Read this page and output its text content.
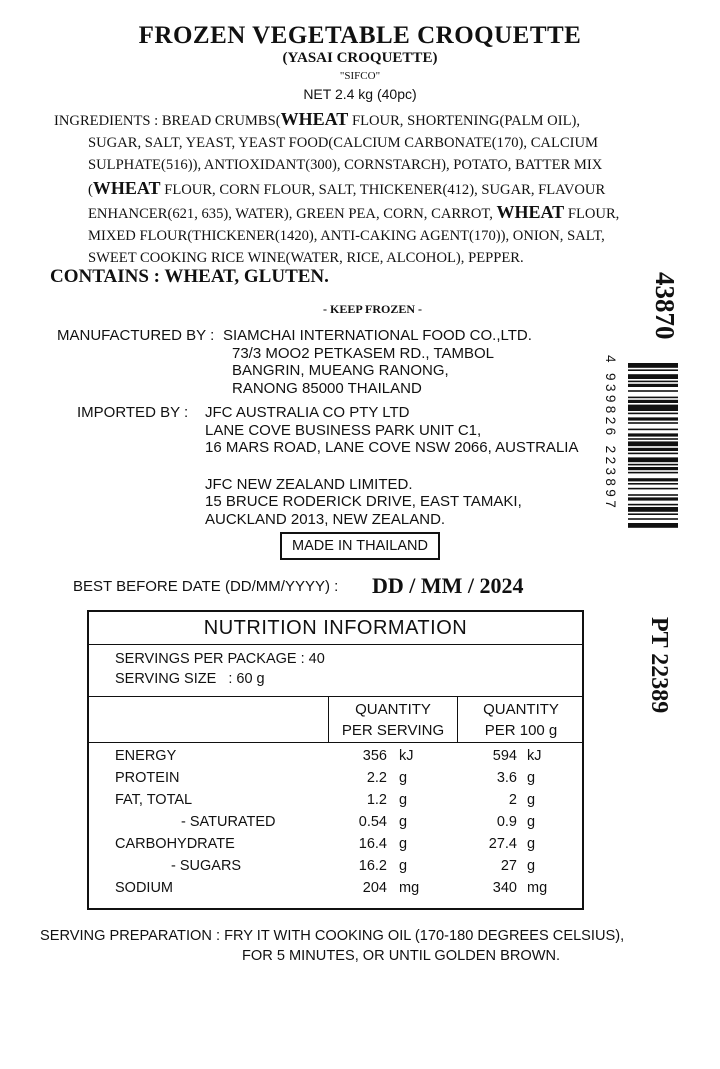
FROZEN VEGETABLE CROQUETTE
(YASAI CROQUETTE)
"SIFCO"
NET 2.4 kg (40pc)
INGREDIENTS : BREAD CRUMBS(WHEAT FLOUR, SHORTENING(PALM OIL),
SUGAR, SALT, YEAST, YEAST FOOD(CALCIUM CARBONATE(170), CALCIUM
SULPHATE(516)), ANTIOXIDANT(300), CORNSTARCH), POTATO, BATTER MIX
(WHEAT FLOUR, CORN FLOUR, SALT, THICKENER(412), SUGAR, FLAVOUR
ENHANCER(621, 635), WATER), GREEN PEA, CORN, CARROT, WHEAT FLOUR,
MIXED FLOUR(THICKENER(1420), ANTI-CAKING AGENT(170)), ONION, SALT,
SWEET COOKING RICE WINE(WATER, RICE, ALCOHOL), PEPPER.
CONTAINS : WHEAT, GLUTEN.
- KEEP FROZEN -
MANUFACTURED BY : SIAMCHAI INTERNATIONAL FOOD CO.,LTD.
73/3 MOO2 PETKASEM RD., TAMBOL
BANGRIN, MUEANG RANONG,
RANONG 85000 THAILAND
IMPORTED BY : JFC AUSTRALIA CO PTY LTD
LANE COVE BUSINESS PARK UNIT C1,
16 MARS ROAD, LANE COVE NSW 2066, AUSTRALIA
JFC NEW ZEALAND LIMITED.
15 BRUCE RODERICK DRIVE, EAST TAMAKI,
AUCKLAND 2013, NEW ZEALAND.
MADE IN THAILAND
BEST BEFORE DATE (DD/MM/YYYY) : DD / MM / 2024
NUTRITION INFORMATION
SERVINGS PER PACKAGE : 40
SERVING SIZE   : 60 g
QUANTITY
PER SERVING
QUANTITY
PER 100 g
ENERGY	356 kJ	594 kJ
PROTEIN	2.2 g	3.6 g
FAT, TOTAL	1.2 g	2 g
- SATURATED	0.54 g	0.9 g
CARBOHYDRATE	16.4 g	27.4 g
- SUGARS	16.2 g	27 g
SODIUM	204 mg	340 mg
SERVING PREPARATION : FRY IT WITH COOKING OIL (170-180 DEGREES CELSIUS),
FOR 5 MINUTES, OR UNTIL GOLDEN BROWN.
43870
4 939826 223897
PT 22389
